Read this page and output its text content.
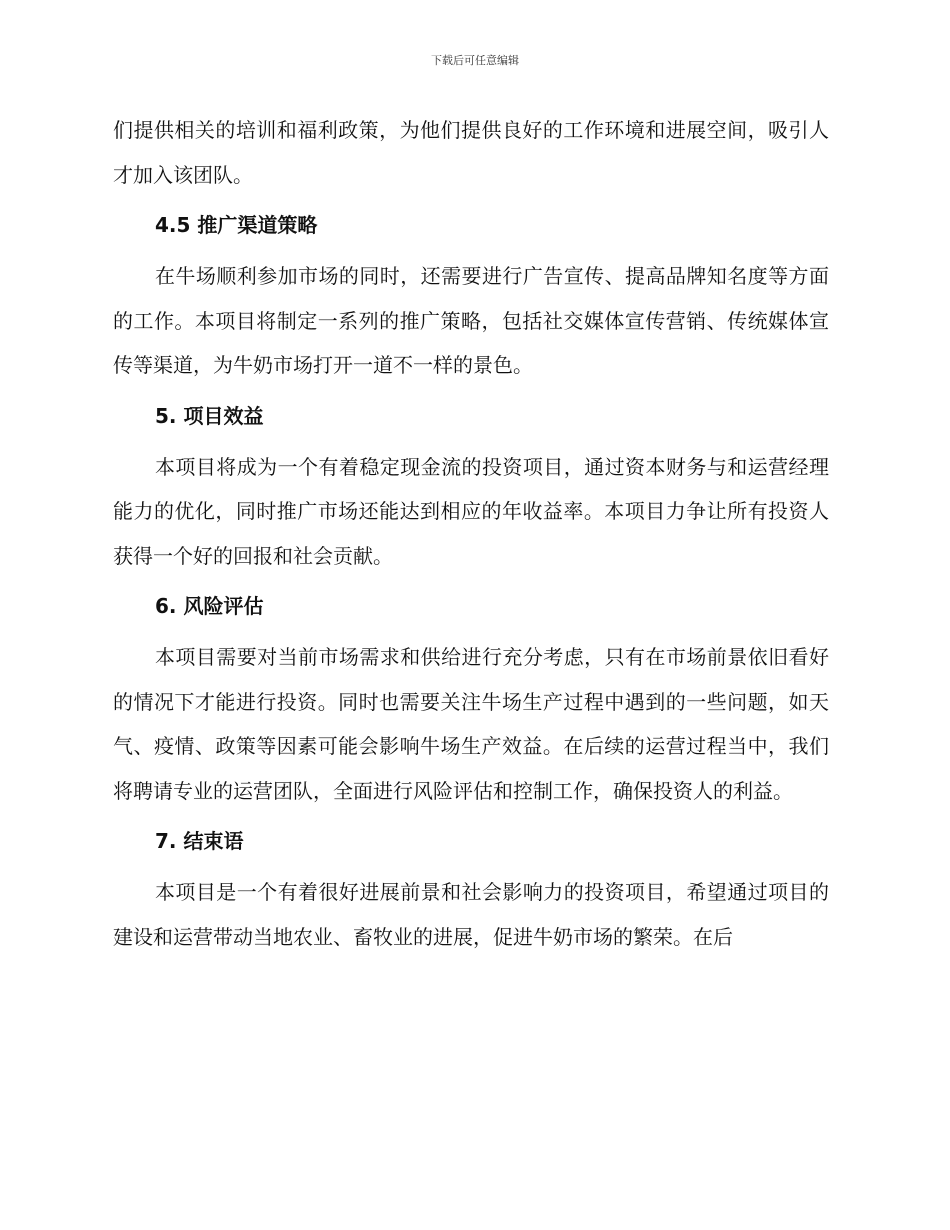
下载后可任意编辑

们提供相关的培训和福利政策，为他们提供良好的工作环境和进展空间，吸引人才加入该团队。

4.5 推广渠道策略

在牛场顺利参加市场的同时，还需要进行广告宣传、提高品牌知名度等方面的工作。本项目将制定一系列的推广策略，包括社交媒体宣传营销、传统媒体宣传等渠道，为牛奶市场打开一道不一样的景色。

5. 项目效益

本项目将成为一个有着稳定现金流的投资项目，通过资本财务与和运营经理能力的优化，同时推广市场还能达到相应的年收益率。本项目力争让所有投资人获得一个好的回报和社会贡献。

6. 风险评估

本项目需要对当前市场需求和供给进行充分考虑，只有在市场前景依旧看好的情况下才能进行投资。同时也需要关注牛场生产过程中遇到的一些问题，如天气、疫情、政策等因素可能会影响牛场生产效益。在后续的运营过程当中，我们将聘请专业的运营团队，全面进行风险评估和控制工作，确保投资人的利益。

7. 结束语

本项目是一个有着很好进展前景和社会影响力的投资项目，希望通过项目的建设和运营带动当地农业、畜牧业的进展，促进牛奶市场的繁荣。在后
